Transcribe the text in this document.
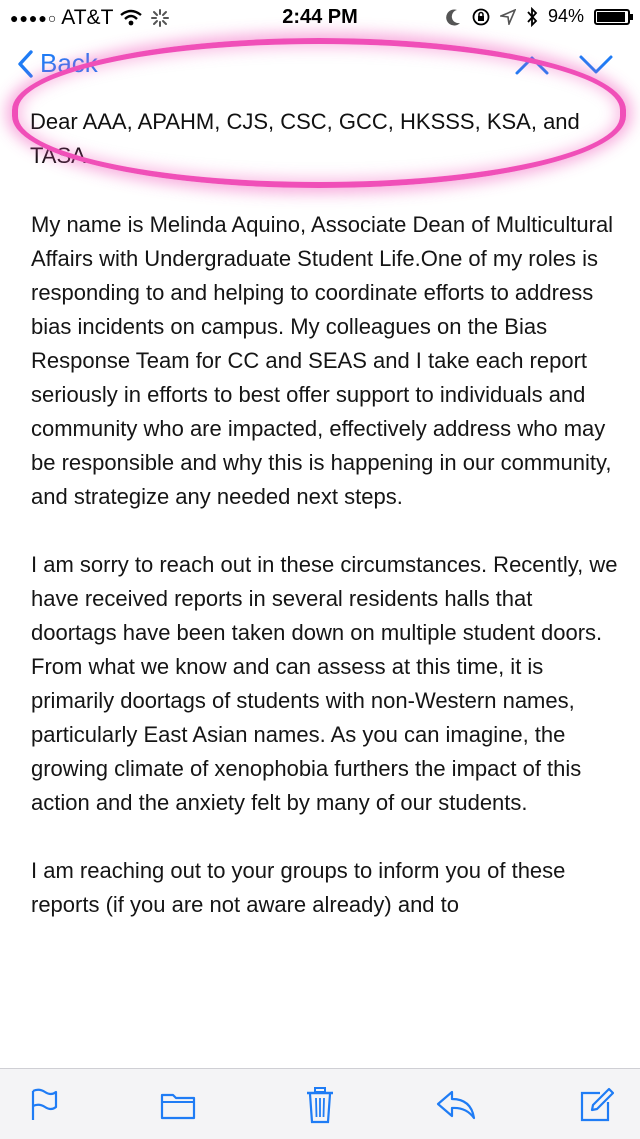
●●●●○ AT&T	2:44 PM	94%
Back
Dear AAA, APAHM, CJS, CSC, GCC, HKSSS, KSA, and TASA

My name is Melinda Aquino, Associate Dean of Multicultural Affairs with Undergraduate Student Life.One of my roles is responding to and helping to coordinate efforts to address bias incidents on campus. My colleagues on the Bias Response Team for CC and SEAS and I take each report seriously in efforts to best offer support to individuals and community who are impacted, effectively address who may be responsible and why this is happening in our community, and strategize any needed next steps.

I am sorry to reach out in these circumstances. Recently, we have received reports in several residents halls that doortags have been taken down on multiple student doors. From what we know and can assess at this time, it is primarily doortags of students with non-Western names, particularly East Asian names. As you can imagine, the growing climate of xenophobia furthers the impact of this action and the anxiety felt by many of our students.

I am reaching out to your groups to inform you of these reports (if you are not aware already) and to
